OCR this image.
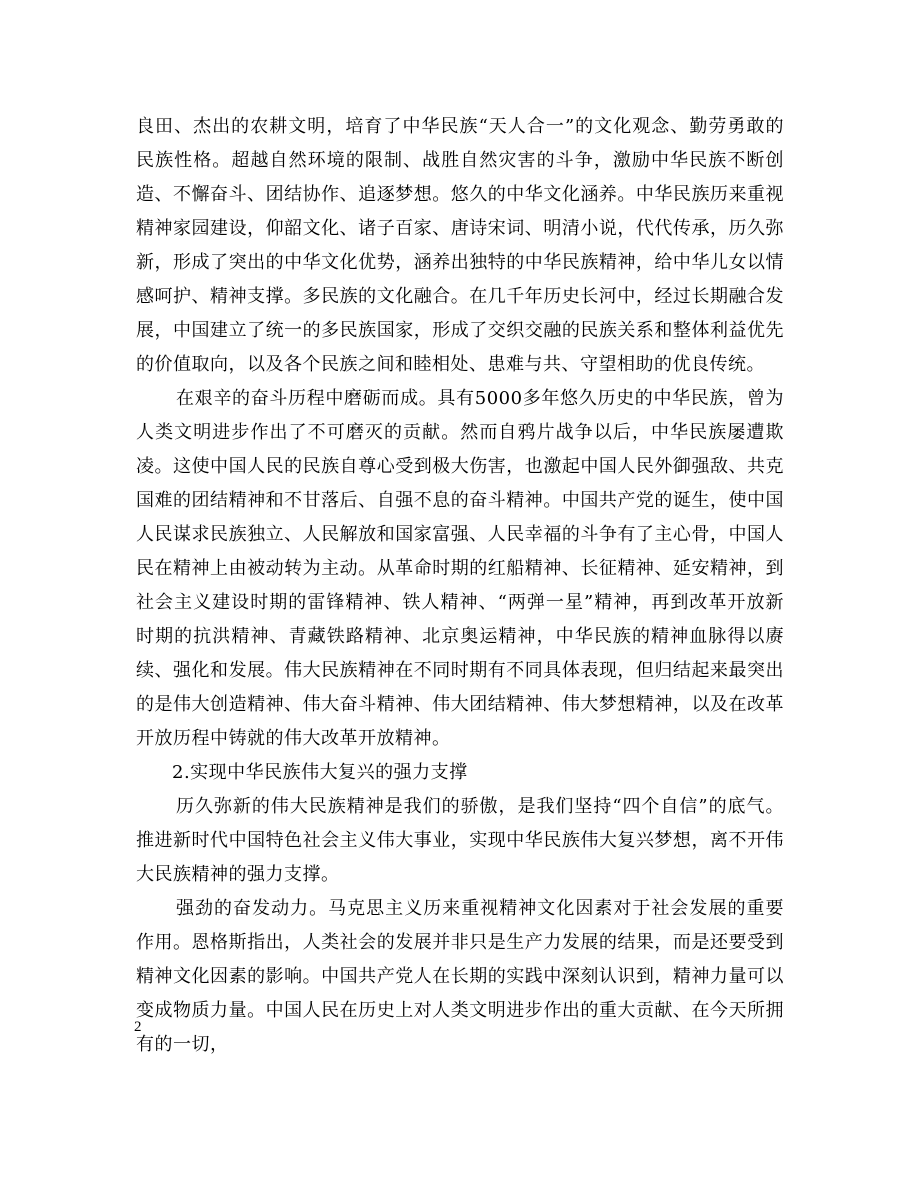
良田、杰出的农耕文明，培育了中华民族“天人合一”的文化观念、勤劳勇敢的民族性格。超越自然环境的限制、战胜自然灾害的斗争，激励中华民族不断创造、不懈奋斗、团结协作、追逐梦想。悠久的中华文化涵养。中华民族历来重视精神家园建设，仰韶文化、诸子百家、唐诗宋词、明清小说，代代传承，历久弥新，形成了突出的中华文化优势，涵养出独特的中华民族精神，给中华儿女以情感呵护、精神支撑。多民族的文化融合。在几千年历史长河中，经过长期融合发展，中国建立了统一的多民族国家，形成了交织交融的民族关系和整体利益优先的价值取向，以及各个民族之间和睦相处、患难与共、守望相助的优良传统。

在艰辛的奋斗历程中磨砺而成。具有5000多年悠久历史的中华民族，曾为人类文明进步作出了不可磨灭的贡献。然而自鸦片战争以后，中华民族屡遭欺凌。这使中国人民的民族自尊心受到极大伤害，也激起中国人民外御强敌、共克国难的团结精神和不甘落后、自强不息的奋斗精神。中国共产党的诞生，使中国人民谋求民族独立、人民解放和国家富强、人民幸福的斗争有了主心骨，中国人民在精神上由被动转为主动。从革命时期的红船精神、长征精神、延安精神，到社会主义建设时期的雷锋精神、铁人精神、“两弹一星”精神，再到改革开放新时期的抗洪精神、青藏铁路精神、北京奥运精神，中华民族的精神血脉得以赓续、强化和发展。伟大民族精神在不同时期有不同具体表现，但归结起来最突出的是伟大创造精神、伟大奋斗精神、伟大团结精神、伟大梦想精神，以及在改革开放历程中铸就的伟大改革开放精神。

2.实现中华民族伟大复兴的强力支撑

历久弥新的伟大民族精神是我们的骄傲，是我们坚持“四个自信”的底气。推进新时代中国特色社会主义伟大事业，实现中华民族伟大复兴梦想，离不开伟大民族精神的强力支撑。

强劲的奋发动力。马克思主义历来重视精神文化因素对于社会发展的重要作用。恩格斯指出，人类社会的发展并非只是生产力发展的结果，而是还要受到精神文化因素的影响。中国共产党人在长期的实践中深刻认识到，精神力量可以变成物质力量。中国人民在历史上对人类文明进步作出的重大贡献、在今天所拥有的一切，

2
